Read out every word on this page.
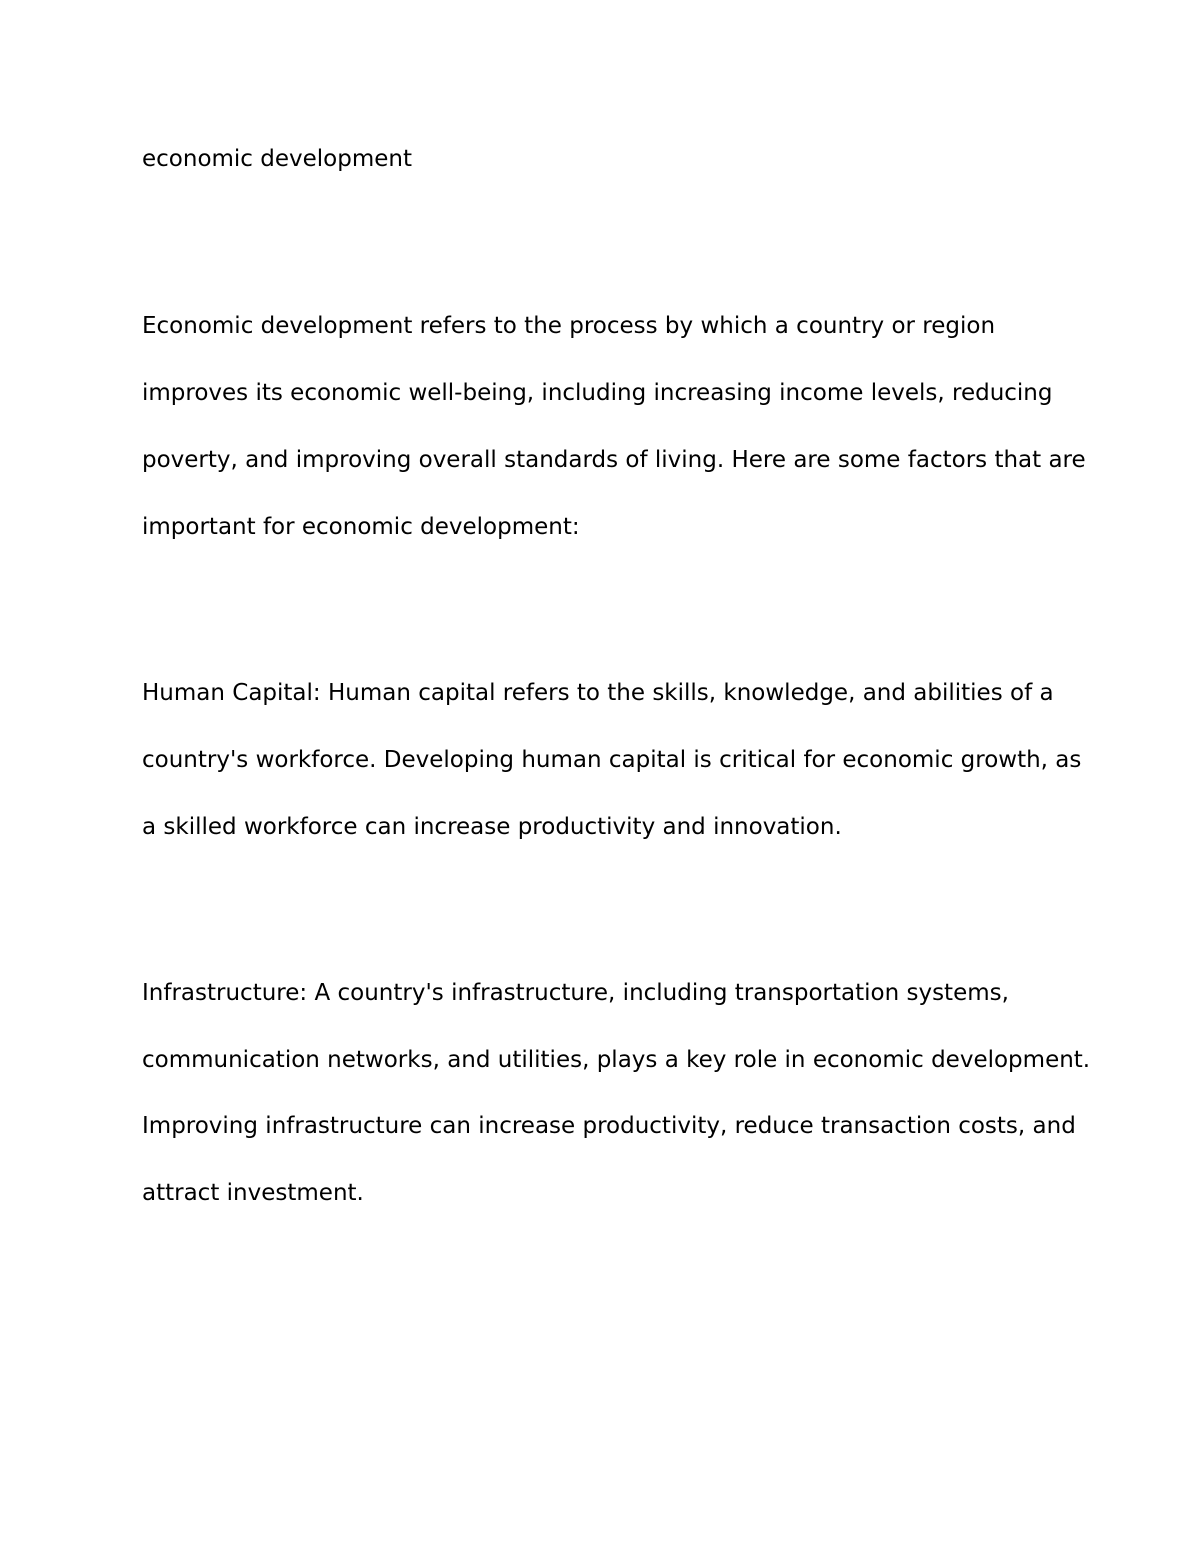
economic development
Economic development refers to the process by which a country or region
improves its economic well-being, including increasing income levels, reducing
poverty, and improving overall standards of living. Here are some factors that are
important for economic development:
Human Capital: Human capital refers to the skills, knowledge, and abilities of a
country's workforce. Developing human capital is critical for economic growth, as
a skilled workforce can increase productivity and innovation.
Infrastructure: A country's infrastructure, including transportation systems,
communication networks, and utilities, plays a key role in economic development.
Improving infrastructure can increase productivity, reduce transaction costs, and
attract investment.
